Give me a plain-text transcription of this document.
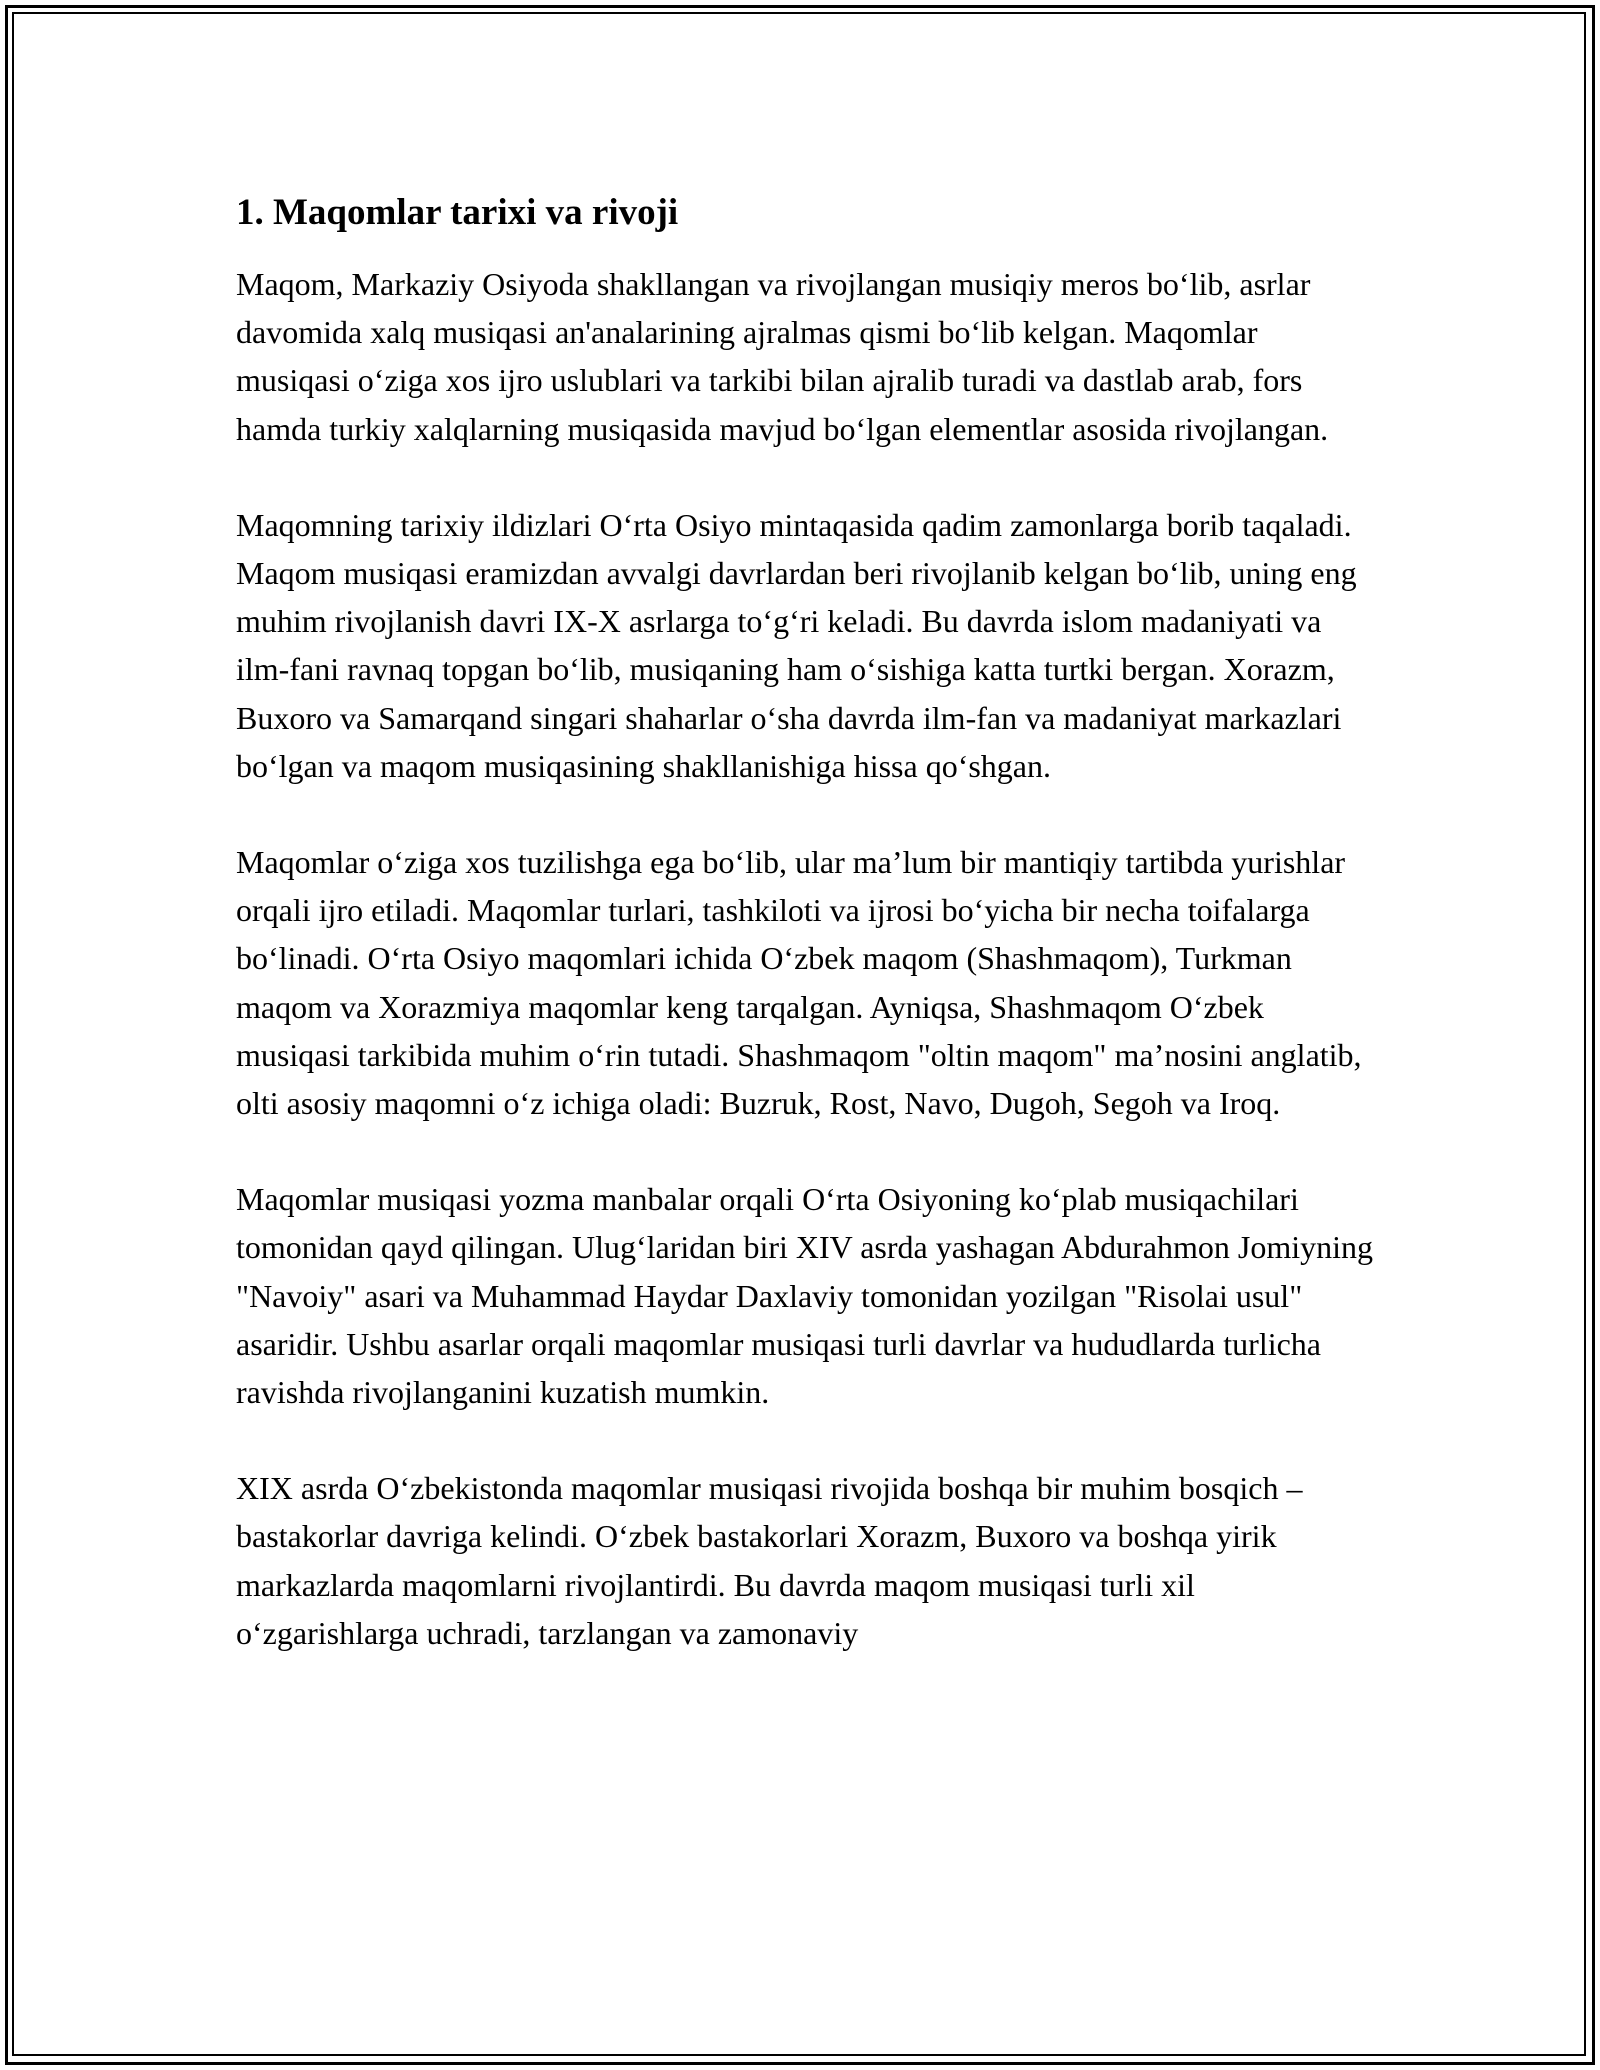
1. Maqomlar tarixi va rivoji

Maqom, Markaziy Osiyoda shakllangan va rivojlangan musiqiy meros bo‘lib, asrlar davomida xalq musiqasi an'analarining ajralmas qismi bo‘lib kelgan. Maqomlar musiqasi o‘ziga xos ijro uslublari va tarkibi bilan ajralib turadi va dastlab arab, fors hamda turkiy xalqlarning musiqasida mavjud bo‘lgan elementlar asosida rivojlangan.

Maqomning tarixiy ildizlari O‘rta Osiyo mintaqasida qadim zamonlarga borib taqaladi. Maqom musiqasi eramizdan avvalgi davrlardan beri rivojlanib kelgan bo‘lib, uning eng muhim rivojlanish davri IX-X asrlarga to‘g‘ri keladi. Bu davrda islom madaniyati va ilm-fani ravnaq topgan bo‘lib, musiqaning ham o‘sishiga katta turtki bergan. Xorazm, Buxoro va Samarqand singari shaharlar o‘sha davrda ilm-fan va madaniyat markazlari bo‘lgan va maqom musiqasining shakllanishiga hissa qo‘shgan.

Maqomlar o‘ziga xos tuzilishga ega bo‘lib, ular ma’lum bir mantiqiy tartibda yurishlar orqali ijro etiladi. Maqomlar turlari, tashkiloti va ijrosi bo‘yicha bir necha toifalarga bo‘linadi. O‘rta Osiyo maqomlari ichida O‘zbek maqom (Shashmaqom), Turkman maqom va Xorazmiya maqomlar keng tarqalgan. Ayniqsa, Shashmaqom O‘zbek musiqasi tarkibida muhim o‘rin tutadi. Shashmaqom "oltin maqom" ma’nosini anglatib, olti asosiy maqomni o‘z ichiga oladi: Buzruk, Rost, Navo, Dugoh, Segoh va Iroq.

Maqomlar musiqasi yozma manbalar orqali O‘rta Osiyoning ko‘plab musiqachilari tomonidan qayd qilingan. Ulug‘laridan biri XIV asrda yashagan Abdurahmon Jomiyning "Navoiy" asari va Muhammad Haydar Daxlaviy tomonidan yozilgan "Risolai usul" asaridir. Ushbu asarlar orqali maqomlar musiqasi turli davrlar va hududlarda turlicha ravishda rivojlanganini kuzatish mumkin.

XIX asrda O‘zbekistonda maqomlar musiqasi rivojida boshqa bir muhim bosqich – bastakorlar davriga kelindi. O‘zbek bastakorlari Xorazm, Buxoro va boshqa yirik markazlarda maqomlarni rivojlantirdi. Bu davrda maqom musiqasi turli xil o‘zgarishlarga uchradi, tarzlangan va zamonaviy
